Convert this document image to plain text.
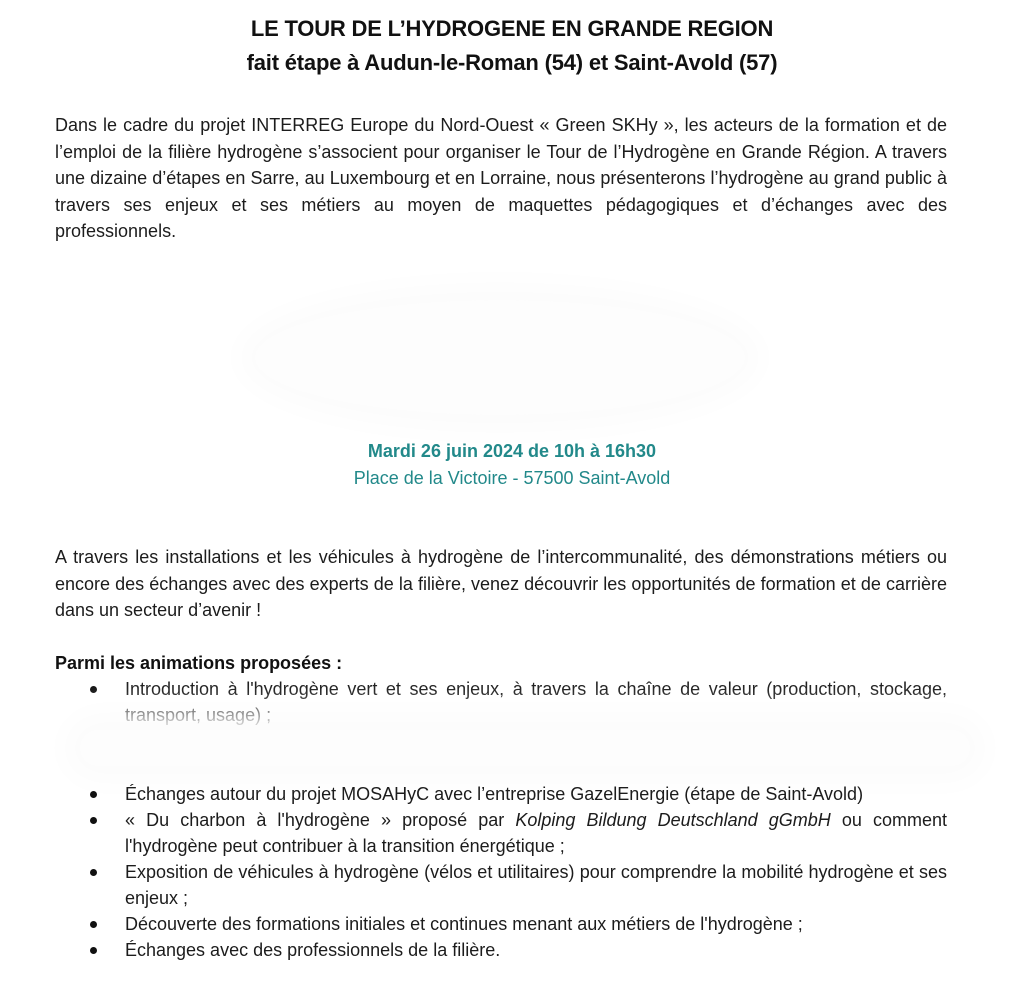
LE TOUR DE L’HYDROGENE EN GRANDE REGION
fait étape à Audun-le-Roman (54) et Saint-Avold (57)

Dans le cadre du projet INTERREG Europe du Nord-Ouest « Green SKHy », les acteurs de la formation et de l’emploi de la filière hydrogène s’associent pour organiser le Tour de l’Hydrogène en Grande Région. A travers une dizaine d’étapes en Sarre, au Luxembourg et en Lorraine, nous présenterons l’hydrogène au grand public à travers ses enjeux et ses métiers au moyen de maquettes pédagogiques et d’échanges avec des professionnels.

Mardi 26 juin 2024 de 10h à 16h30
Place de la Victoire - 57500 Saint-Avold

A travers les installations et les véhicules à hydrogène de l’intercommunalité, des démonstrations métiers ou encore des échanges avec des experts de la filière, venez découvrir les opportunités de formation et de carrière dans un secteur d’avenir !

Parmi les animations proposées :
Introduction à l'hydrogène vert et ses enjeux, à travers la chaîne de valeur (production, stockage, transport, usage) ;
Échanges autour du projet MOSAHyC avec l’entreprise GazelEnergie (étape de Saint-Avold)
« Du charbon à l'hydrogène » proposé par Kolping Bildung Deutschland gGmbH ou comment l'hydrogène peut contribuer à la transition énergétique ;
Exposition de véhicules à hydrogène (vélos et utilitaires) pour comprendre la mobilité hydrogène et ses enjeux ;
Découverte des formations initiales et continues menant aux métiers de l'hydrogène ;
Échanges avec des professionnels de la filière.
